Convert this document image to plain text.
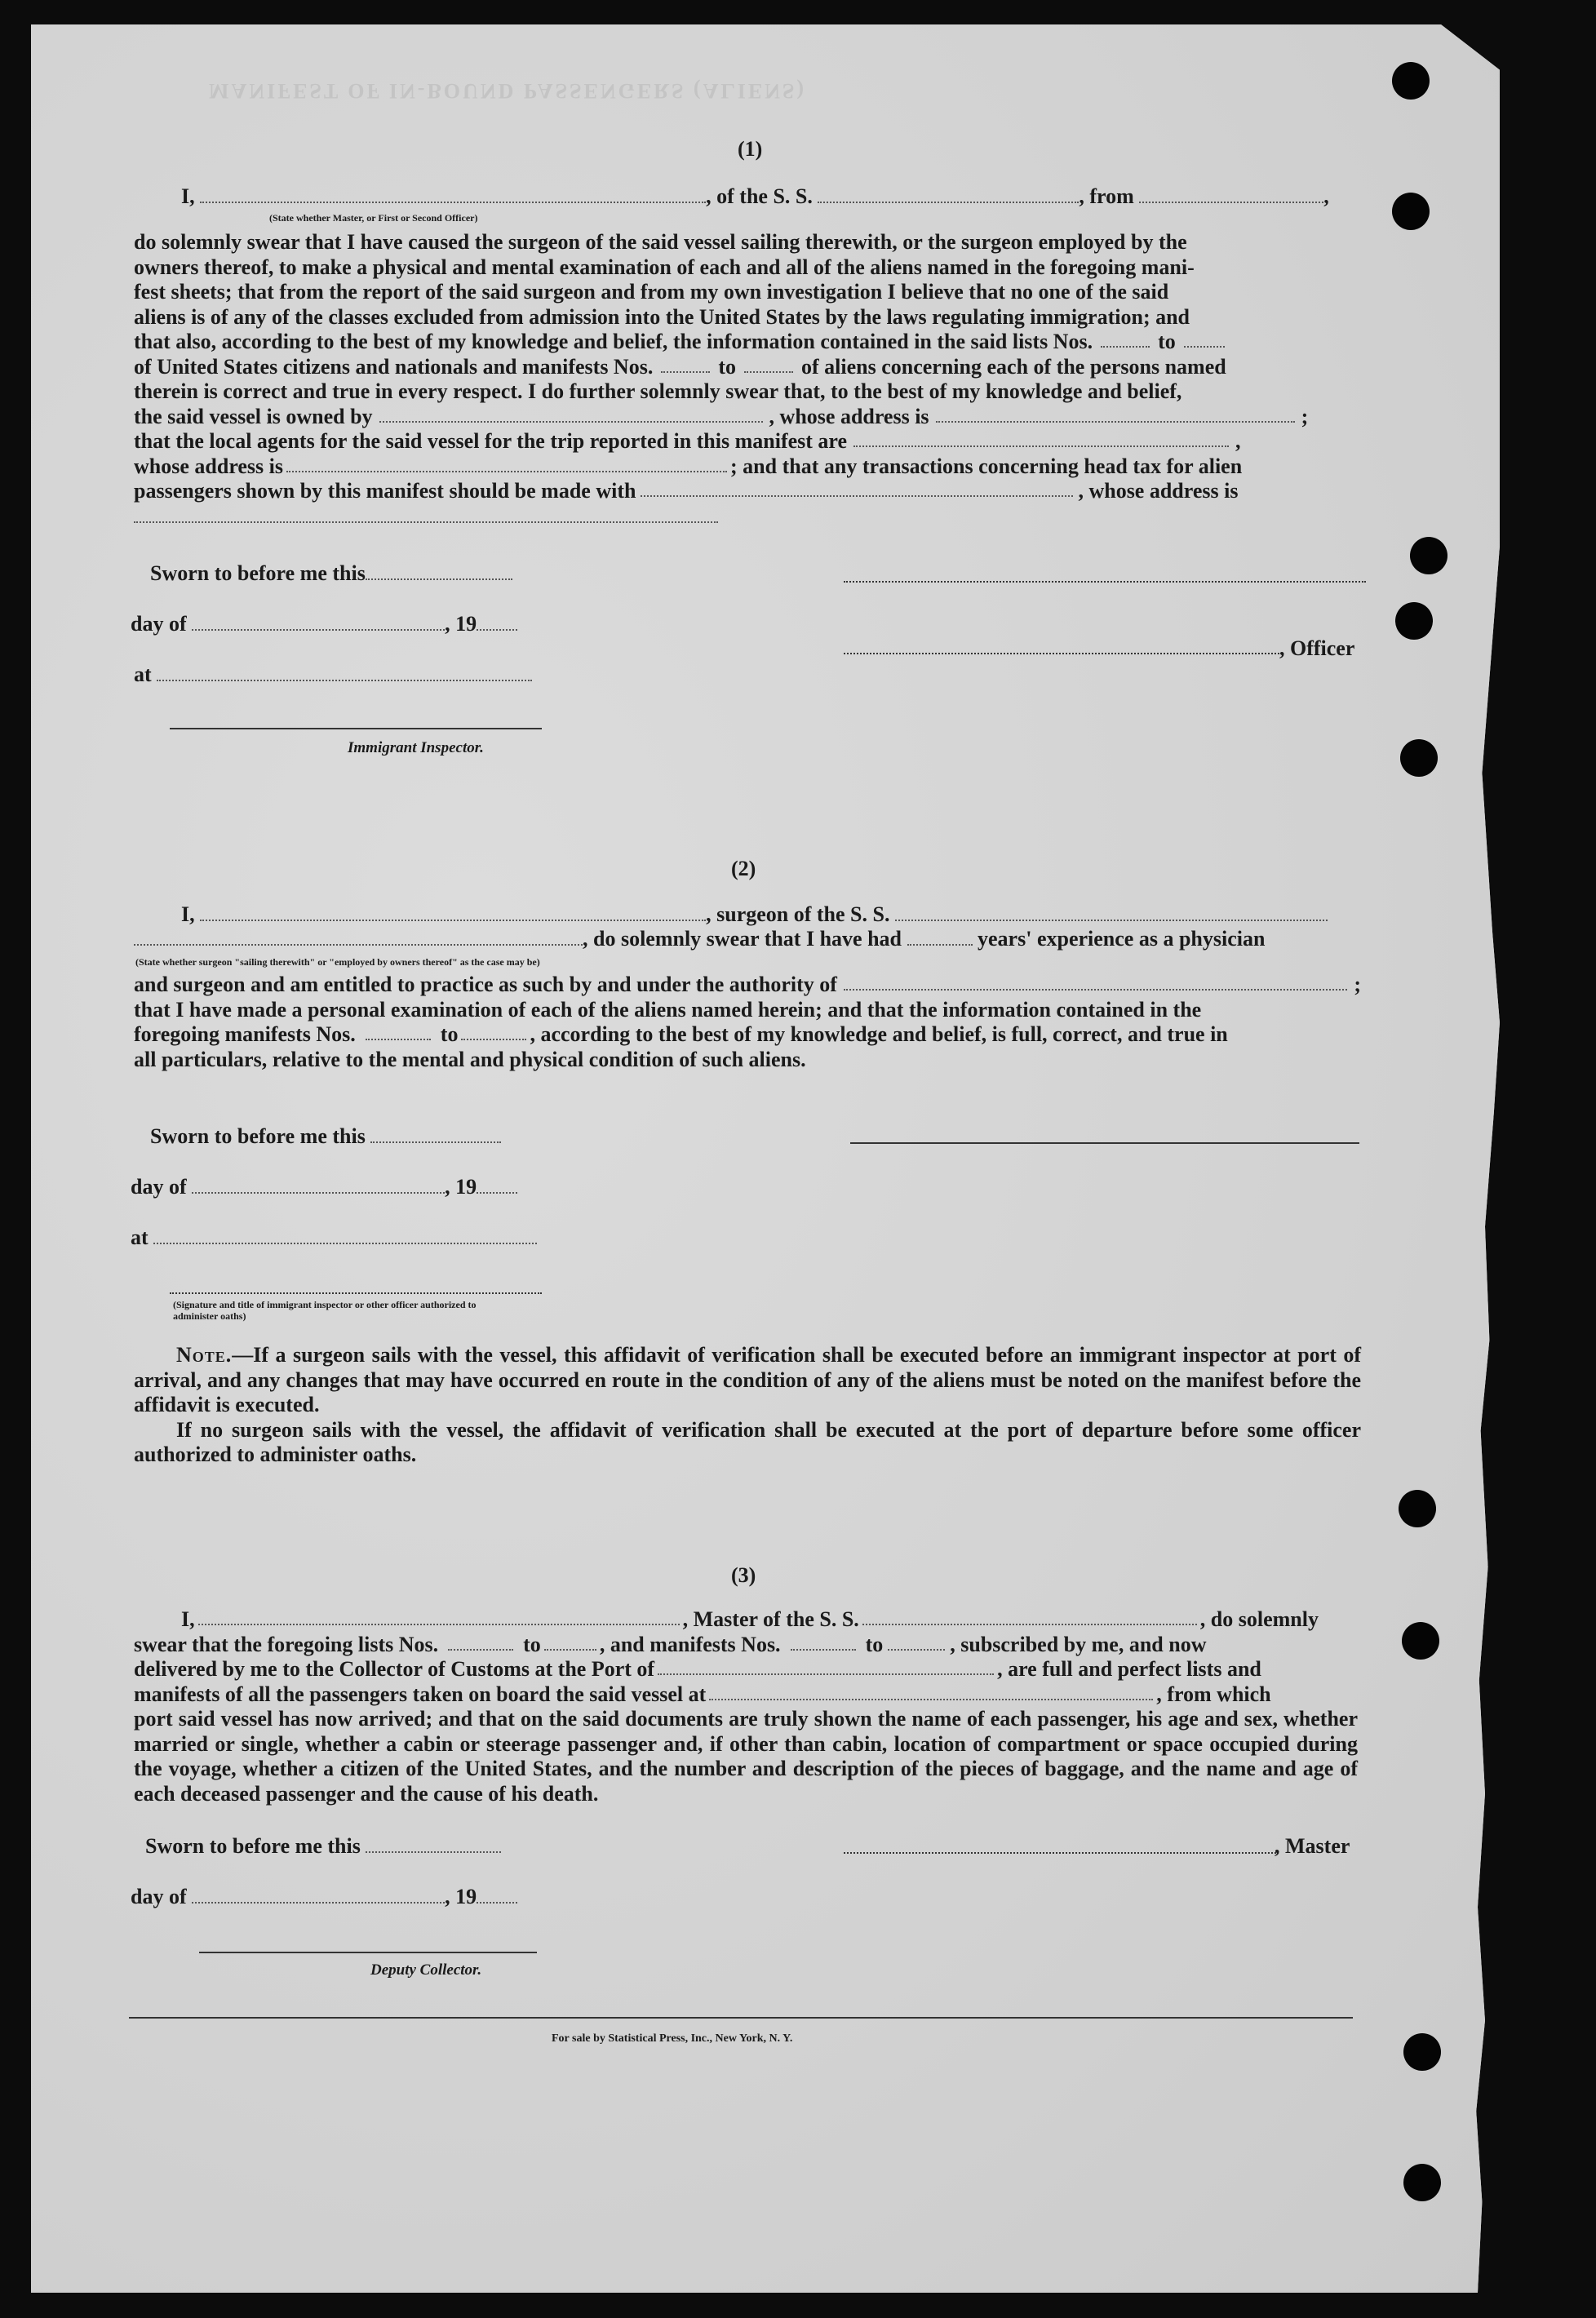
MANIFEST OF IN-BOUND PASSENGERS (ALIENS)
(1)
I,	, of the S. S.	, from	,
(State whether Master, or First or Second Officer)
do solemnly swear that I have caused the surgeon of the said vessel sailing therewith, or the surgeon employed by the
owners thereof, to make a physical and mental examination of each and all of the aliens named in the foregoing mani-
fest sheets; that from the report of the said surgeon and from my own investigation I believe that no one of the said
aliens is of any of the classes excluded from admission into the United States by the laws regulating immigration; and
that also, according to the best of my knowledge and belief, the information contained in the said lists Nos.	to
of United States citizens and nationals and manifests Nos.	to	of aliens concerning each of the persons named
therein is correct and true in every respect. I do further solemnly swear that, to the best of my knowledge and belief,
the said vessel is owned by	, whose address is	;
that the local agents for the said vessel for the trip reported in this manifest are	,
whose address is	; and that any transactions concerning head tax for alien
passengers shown by this manifest should be made with	, whose address is
Sworn to before me this
day of	, 19
at
Immigrant Inspector.
, Officer
(2)
I,	, surgeon of the S. S.
, do solemnly swear that I have had	years' experience as a physician
(State whether surgeon "sailing therewith" or "employed by owners thereof" as the case may be)
and surgeon and am entitled to practice as such by and under the authority of	;
that I have made a personal examination of each of the aliens named herein; and that the information contained in the
foregoing manifests Nos.	to	, according to the best of my knowledge and belief, is full, correct, and true in
all particulars, relative to the mental and physical condition of such aliens.
Sworn to before me this
day of	, 19
at
(Signature and title of immigrant inspector or other officer authorized to administer oaths)
Note.—If a surgeon sails with the vessel, this affidavit of verification shall be executed before an immigrant inspector at port of arrival, and any changes that may have occurred en route in the condition of any of the aliens must be noted on the manifest before the affidavit is executed.
If no surgeon sails with the vessel, the affidavit of verification shall be executed at the port of departure before some officer authorized to administer oaths.
(3)
I,	, Master of the S. S.	, do solemnly
swear that the foregoing lists Nos.	to	, and manifests Nos.	to	, subscribed by me, and now
delivered by me to the Collector of Customs at the Port of	, are full and perfect lists and
manifests of all the passengers taken on board the said vessel at	, from which
port said vessel has now arrived; and that on the said documents are truly shown the name of each passenger, his age and sex, whether married or single, whether a cabin or steerage passenger and, if other than cabin, location of compartment or space occupied during the voyage, whether a citizen of the United States, and the number and description of the pieces of baggage, and the name and age of each deceased passenger and the cause of his death.
Sworn to before me this
day of	, 19
Deputy Collector.
, Master
For sale by Statistical Press, Inc., New York, N. Y.
